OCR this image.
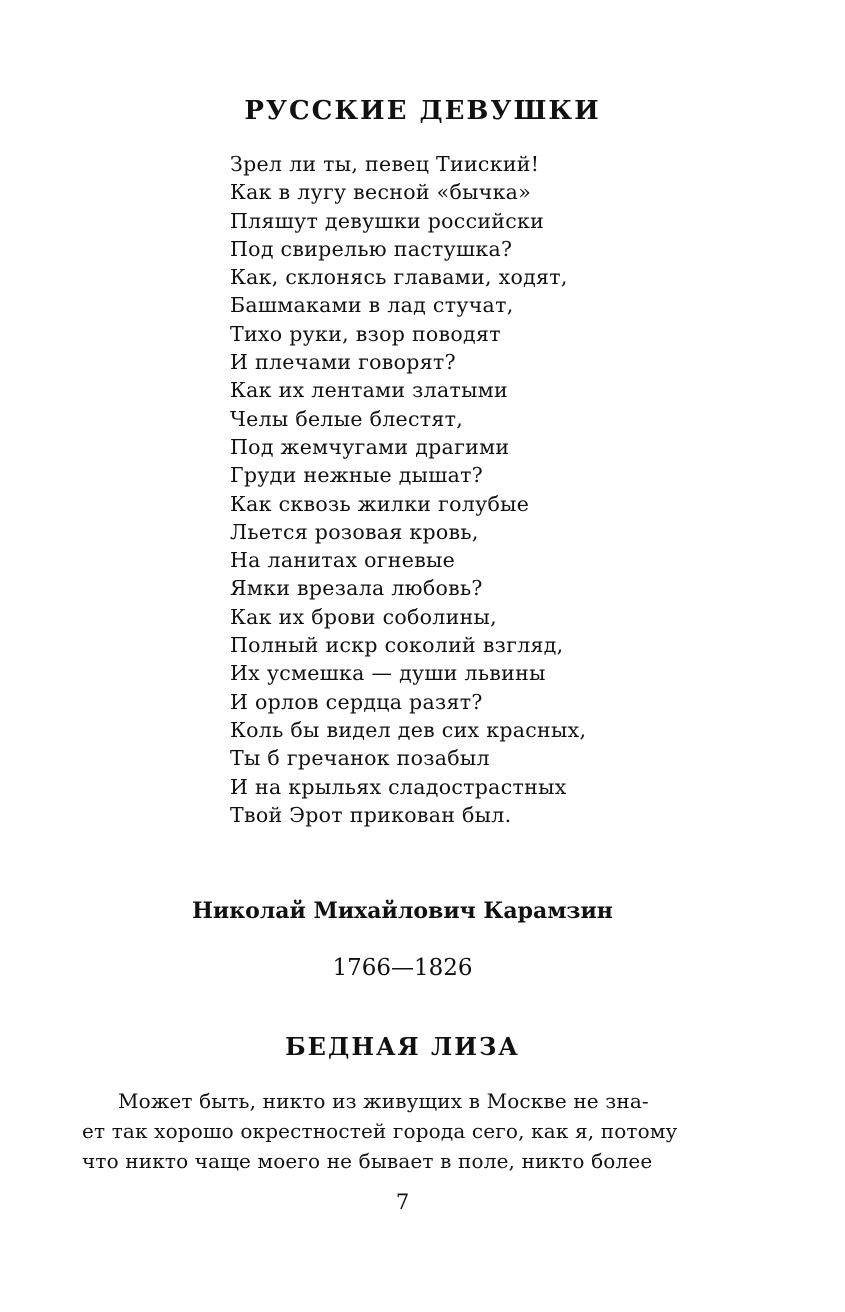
РУССКИЕ ДЕВУШКИ
Зрел ли ты, певец Тииский!
Как в лугу весной «бычка»
Пляшут девушки российски
Под свирелью пастушка?
Как, склонясь главами, ходят,
Башмаками в лад стучат,
Тихо руки, взор поводят
И плечами говорят?
Как их лентами златыми
Челы белые блестят,
Под жемчугами драгими
Груди нежные дышат?
Как сквозь жилки голубые
Льется розовая кровь,
На ланитах огневые
Ямки врезала любовь?
Как их брови соболины,
Полный искр соколий взгляд,
Их усмешка — души львины
И орлов сердца разят?
Коль бы видел дев сих красных,
Ты б гречанок позабыл
И на крыльях сладострастных
Твой Эрот прикован был.
Николай Михайлович Карамзин
1766—1826
БЕДНАЯ ЛИЗА
Может быть, никто из живущих в Москве не зна-
ет так хорошо окрестностей города сего, как я, потому
что никто чаще моего не бывает в поле, никто более
7
